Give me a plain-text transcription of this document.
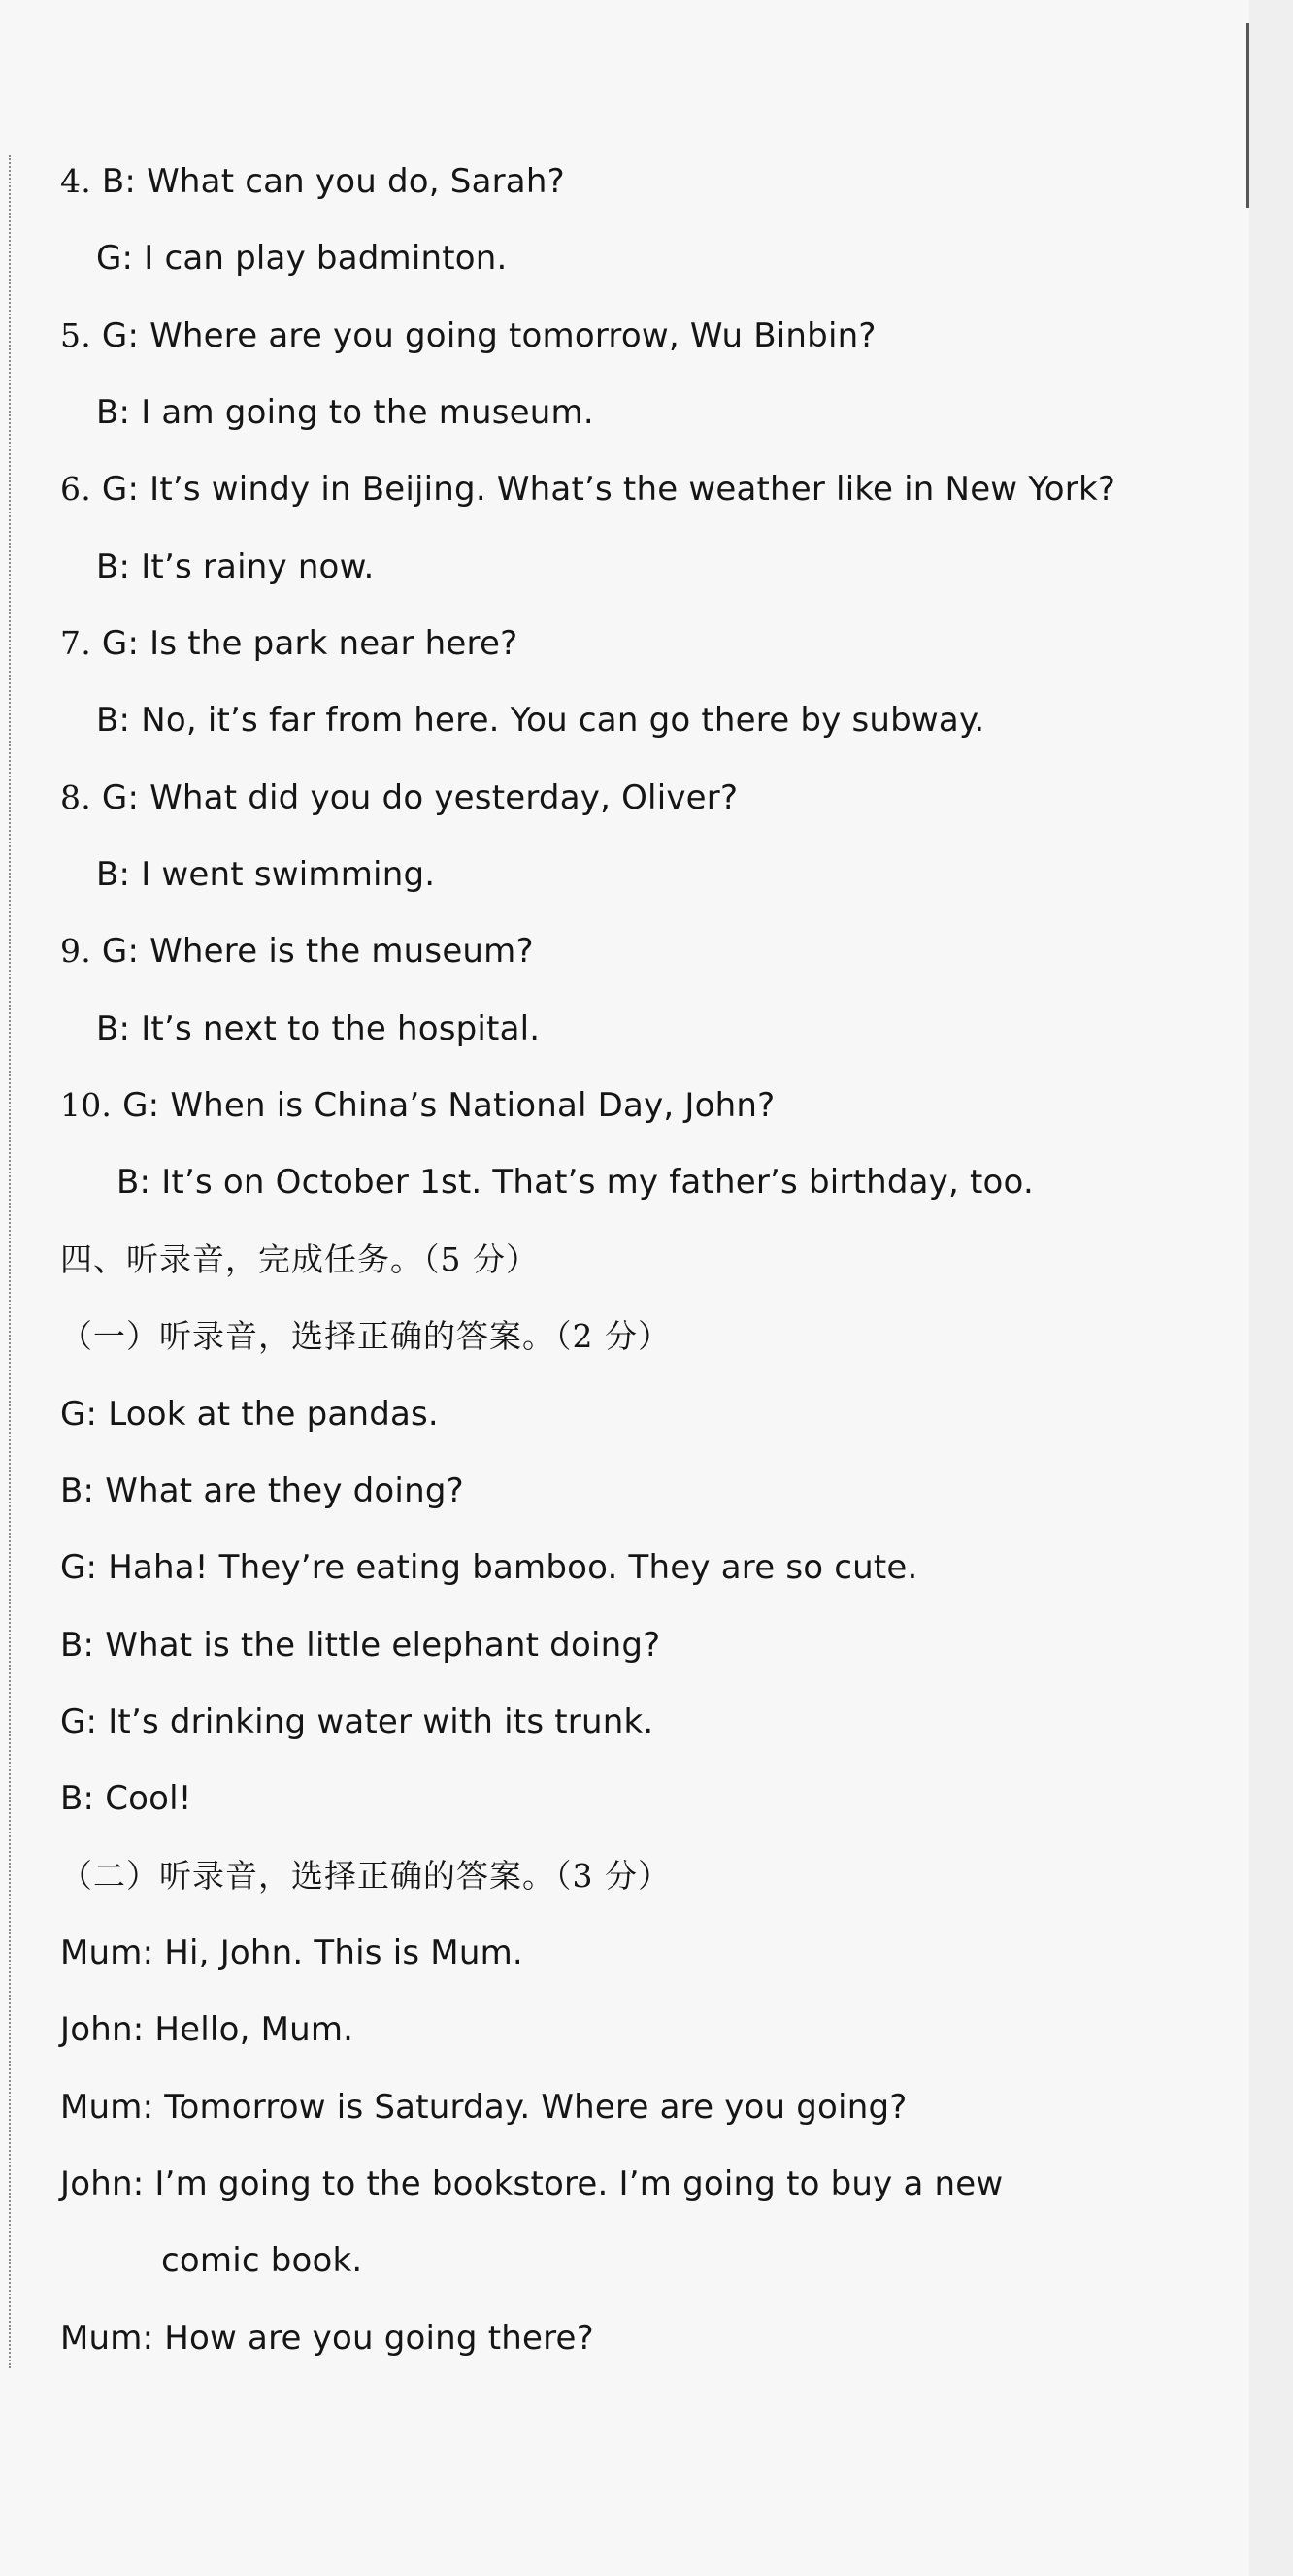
4. B: What can you do, Sarah?
G: I can play badminton.
5. G: Where are you going tomorrow, Wu Binbin?
B: I am going to the museum.
6. G: It’s windy in Beijing. What’s the weather like in New York?
B: It’s rainy now.
7. G: Is the park near here?
B: No, it’s far from here. You can go there by subway.
8. G: What did you do yesterday, Oliver?
B: I went swimming.
9. G: Where is the museum?
B: It’s next to the hospital.
10. G: When is China’s National Day, John?
B: It’s on October 1st. That’s my father’s birthday, too.
四、听录音，完成任务。（5 分）
（一）听录音，选择正确的答案。（2 分）
G: Look at the pandas.
B: What are they doing?
G: Haha! They’re eating bamboo. They are so cute.
B: What is the little elephant doing?
G: It’s drinking water with its trunk.
B: Cool!
（二）听录音，选择正确的答案。（3 分）
Mum: Hi, John. This is Mum.
John: Hello, Mum.
Mum: Tomorrow is Saturday. Where are you going?
John: I’m going to the bookstore. I’m going to buy a new
comic book.
Mum: How are you going there?
